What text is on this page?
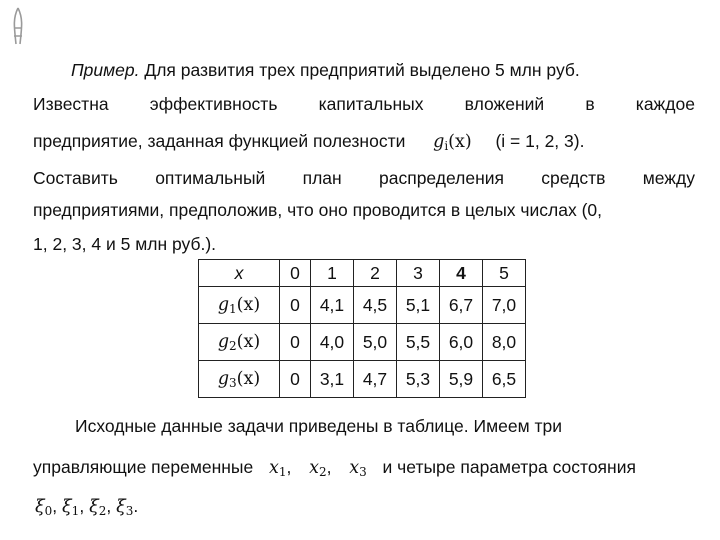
Пример. Для развития трех предприятий выделено 5 млн руб.
Известна эффективность капитальных вложений в каждое
предприятие, заданная функцией полезности $g_i(x) (i = 1$, 2, 3).
Составить оптимальный план распределения средств между
предприятиями, предположив, что оно проводится в целых числах (0,
1, 2, 3, 4 и 5 млн руб.).
x	0	1	2	3	4	5
$g_1(x)$	0	4,1	4,5	5,1	6,7	7,0
$g_2(x)$	0	4,0	5,0	5,5	6,0	8,0
$g_3(x)$	0	3,1	4,7	5,3	5,9	6,5
Исходные данные задачи приведены в таблице. Имеем три
управляющие переменные $x_1$, $x_2$, $x_3$ и четыре параметра состояния
$\xi_0$, $\xi_1$, $\xi_2$, $\xi_3$.
